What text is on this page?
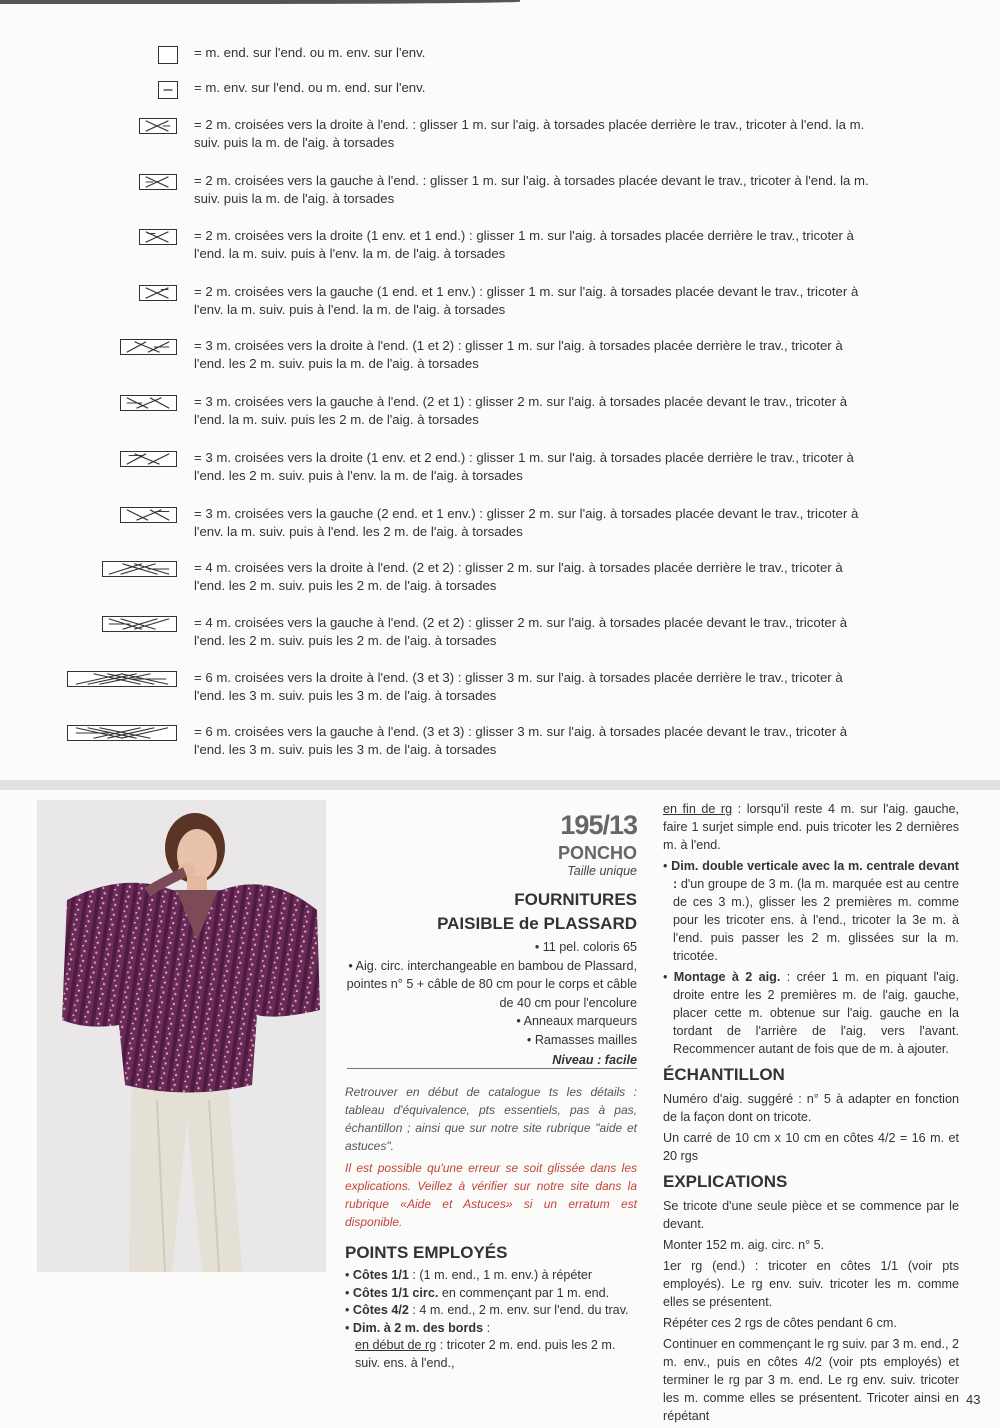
= m. end. sur l'end. ou m. env. sur l'env.
= m. env. sur l'end. ou m. end. sur l'env.
= 2 m. croisées vers la droite à l'end. : glisser 1 m. sur l'aig. à torsades placée derrière le trav., tricoter à l'end. la m. suiv. puis la m. de l'aig. à torsades
= 2 m. croisées vers la gauche à l'end. : glisser 1 m. sur l'aig. à torsades placée devant le trav., tricoter à l'end. la m. suiv. puis la m. de l'aig. à torsades
= 2 m. croisées vers la droite (1 env. et 1 end.) : glisser 1 m. sur l'aig. à torsades placée derrière le trav., tricoter à l'end. la m. suiv. puis à l'env. la m. de l'aig. à torsades
= 2 m. croisées vers la gauche (1 end. et 1 env.) : glisser 1 m. sur l'aig. à torsades placée devant le trav., tricoter à l'env. la m. suiv. puis à l'end. la m. de l'aig. à torsades
= 3 m. croisées vers la droite à l'end. (1 et 2) : glisser 1 m. sur l'aig. à torsades placée derrière le trav., tricoter à l'end. les 2 m. suiv. puis la m. de l'aig. à torsades
= 3 m. croisées vers la gauche à l'end. (2 et 1) : glisser 2 m. sur l'aig. à torsades placée devant le trav., tricoter à l'end. la m. suiv. puis les 2 m. de l'aig. à torsades
= 3 m. croisées vers la droite (1 env. et 2 end.) : glisser 1 m. sur l'aig. à torsades placée derrière le trav., tricoter à l'end. les 2 m. suiv. puis à l'env. la m. de l'aig. à torsades
= 3 m. croisées vers la gauche (2 end. et 1 env.) : glisser 2 m. sur l'aig. à torsades placée devant le trav., tricoter à l'env. la m. suiv. puis à l'end. les 2 m. de l'aig. à torsades
= 4 m. croisées vers la droite à l'end. (2 et 2) : glisser 2 m. sur l'aig. à torsades placée derrière le trav., tricoter à l'end. les 2 m. suiv. puis les 2 m. de l'aig. à torsades
= 4 m. croisées vers la gauche à l'end. (2 et 2) : glisser 2 m. sur l'aig. à torsades placée devant le trav., tricoter à l'end. les 2 m. suiv. puis les 2 m. de l'aig. à torsades
= 6 m. croisées vers la droite à l'end. (3 et 3) : glisser 3 m. sur l'aig. à torsades placée derrière le trav., tricoter à l'end. les 3 m. suiv. puis les 3 m. de l'aig. à torsades
= 6 m. croisées vers la gauche à l'end. (3 et 3) : glisser 3 m. sur l'aig. à torsades placée devant le trav., tricoter à l'end. les 3 m. suiv. puis les 3 m. de l'aig. à torsades
195/13
PONCHO
Taille unique
FOURNITURES
PAISIBLE de PLASSARD
• 11 pel. coloris 65
• Aig. circ. interchangeable en bambou de Plassard,
pointes n° 5 + câble de 80 cm pour le corps et câble
de 40 cm pour l'encolure
• Anneaux marqueurs
• Ramasses mailles
Niveau : facile
Retrouver en début de catalogue ts les détails : tableau d'équivalence, pts essentiels, pas à pas, échantillon ; ainsi que sur notre site rubrique "aide et astuces".
Il est possible qu'une erreur se soit glissée dans les explications. Veillez à vérifier sur notre site dans la rubrique «Aide et Astuces» si un erratum est disponible.
POINTS EMPLOYÉS
• Côtes 1/1 : (1 m. end., 1 m. env.) à répéter
• Côtes 1/1 circ. en commençant par 1 m. end.
• Côtes 4/2 : 4 m. end., 2 m. env. sur l'end. du trav.
• Dim. à 2 m. des bords :
en début de rg : tricoter 2 m. end. puis les 2 m. suiv. ens. à l'end.,

en fin de rg : lorsqu'il reste 4 m. sur l'aig. gauche, faire 1 surjet simple end. puis tricoter les 2 dernières m. à l'end.

• Dim. double verticale avec la m. centrale devant : d'un groupe de 3 m. (la m. marquée est au centre de ces 3 m.), glisser les 2 premières m. comme pour les tricoter ens. à l'end., tricoter la 3e m. à l'end. puis passer les 2 m. glissées sur la m. tricotée.

• Montage à 2 aig. : créer 1 m. en piquant l'aig. droite entre les 2 premières m. de l'aig. gauche, placer cette m. obtenue sur l'aig. gauche en la tordant de l'arrière de l'aig. vers l'avant. Recommencer autant de fois que de m. à ajouter.

ÉCHANTILLON

Numéro d'aig. suggéré : n° 5 à adapter en fonction de la façon dont on tricote.

Un carré de 10 cm x 10 cm en côtes 4/2 = 16 m. et 20 rgs

EXPLICATIONS

Se tricote d'une seule pièce et se commence par le devant.

Monter 152 m. aig. circ. n° 5.

1er rg (end.) : tricoter en côtes 1/1 (voir pts employés). Le rg env. suiv. tricoter les m. comme elles se présentent.

Répéter ces 2 rgs de côtes pendant 6 cm.

Continuer en commençant le rg suiv. par 3 m. end., 2 m. env., puis en côtes 4/2 (voir pts employés) et terminer le rg par 3 m. end. Le rg env. suiv. tricoter les m. comme elles se présentent. Tricoter ainsi en répétant

43
